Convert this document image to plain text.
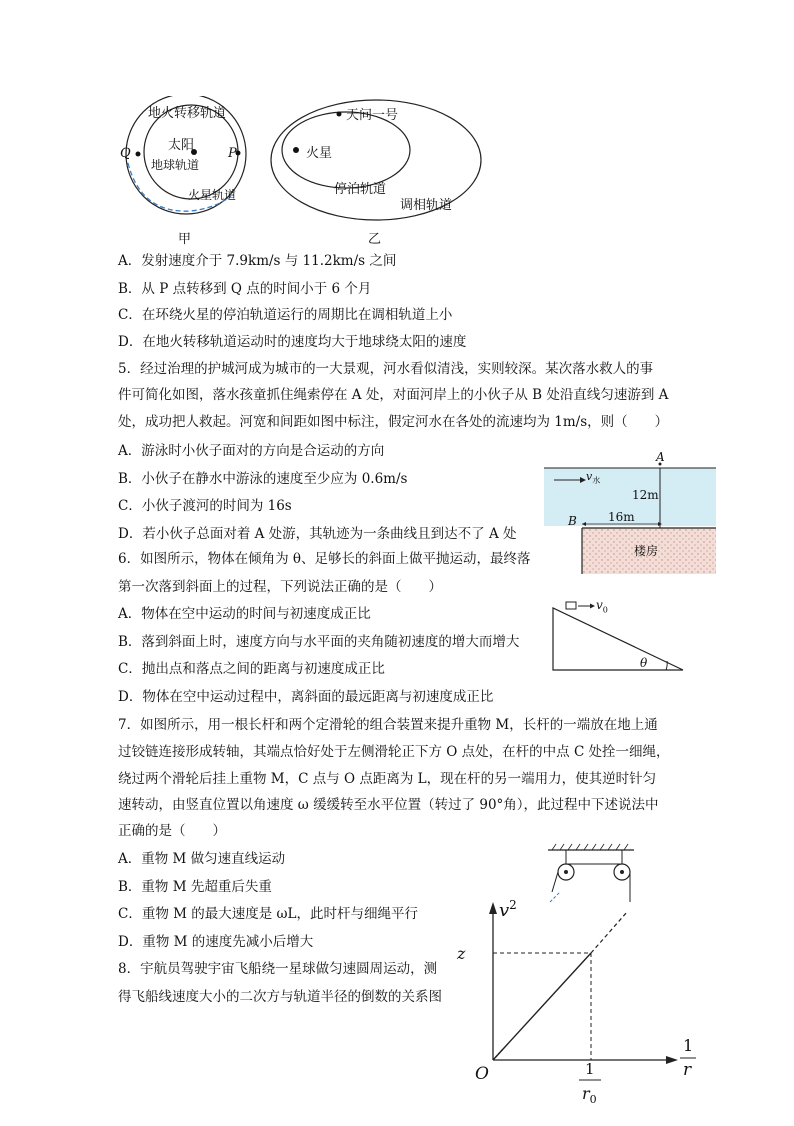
地火转移轨道
太阳
地球轨道
火星轨道
Q	P
甲
天问一号
火星
停泊轨道
调相轨道
乙
A．发射速度介于 7.9km/s 与 11.2km/s 之间
B．从 P 点转移到 Q 点的时间小于 6 个月
C．在环绕火星的停泊轨道运行的周期比在调相轨道上小
D．在地火转移轨道运动时的速度均大于地球绕太阳的速度
5．经过治理的护城河成为城市的一大景观，河水看似清浅，实则较深。某次落水救人的事
件可简化如图，落水孩童抓住绳索停在 A 处，对面河岸上的小伙子从 B 处沿直线匀速游到 A
处，成功把人救起。河宽和间距如图中标注，假定河水在各处的流速均为 1m/s，则（　　）
A．游泳时小伙子面对的方向是合运动的方向
B．小伙子在静水中游泳的速度至少应为 0.6m/s
C．小伙子渡河的时间为 16s
D．若小伙子总面对着 A 处游，其轨迹为一条曲线且到达不了 A 处
A
B
$v_水$
12m
16m
楼房
6．如图所示，物体在倾角为 θ、足够长的斜面上做平抛运动，最终落
第一次落到斜面上的过程，下列说法正确的是（　　）
A．物体在空中运动的时间与初速度成正比
B．落到斜面上时，速度方向与水平面的夹角随初速度的增大而增大
C．抛出点和落点之间的距离与初速度成正比
D．物体在空中运动过程中，离斜面的最远距离与初速度成正比
$v_0$
θ
7．如图所示，用一根长杆和两个定滑轮的组合装置来提升重物 M，长杆的一端放在地上通
过铰链连接形成转轴，其端点恰好处于左侧滑轮正下方 O 点处，在杆的中点 C 处拴一细绳，
绕过两个滑轮后挂上重物 M，C 点与 O 点距离为 L，现在杆的另一端用力，使其逆时针匀
速转动，由竖直位置以角速度 ω 缓缓转至水平位置（转过了 90°角），此过程中下述说法中
正确的是（　　）
A．重物 M 做匀速直线运动
B．重物 M 先超重后失重
C．重物 M 的最大速度是 ωL，此时杆与细绳平行
D．重物 M 的速度先减小后增大
8．宇航员驾驶宇宙飞船绕一星球做匀速圆周运动，测
得飞船线速度大小的二次方与轨道半径的倒数的关系图
$v^2$
z
O
1
r
1
$r_0$
